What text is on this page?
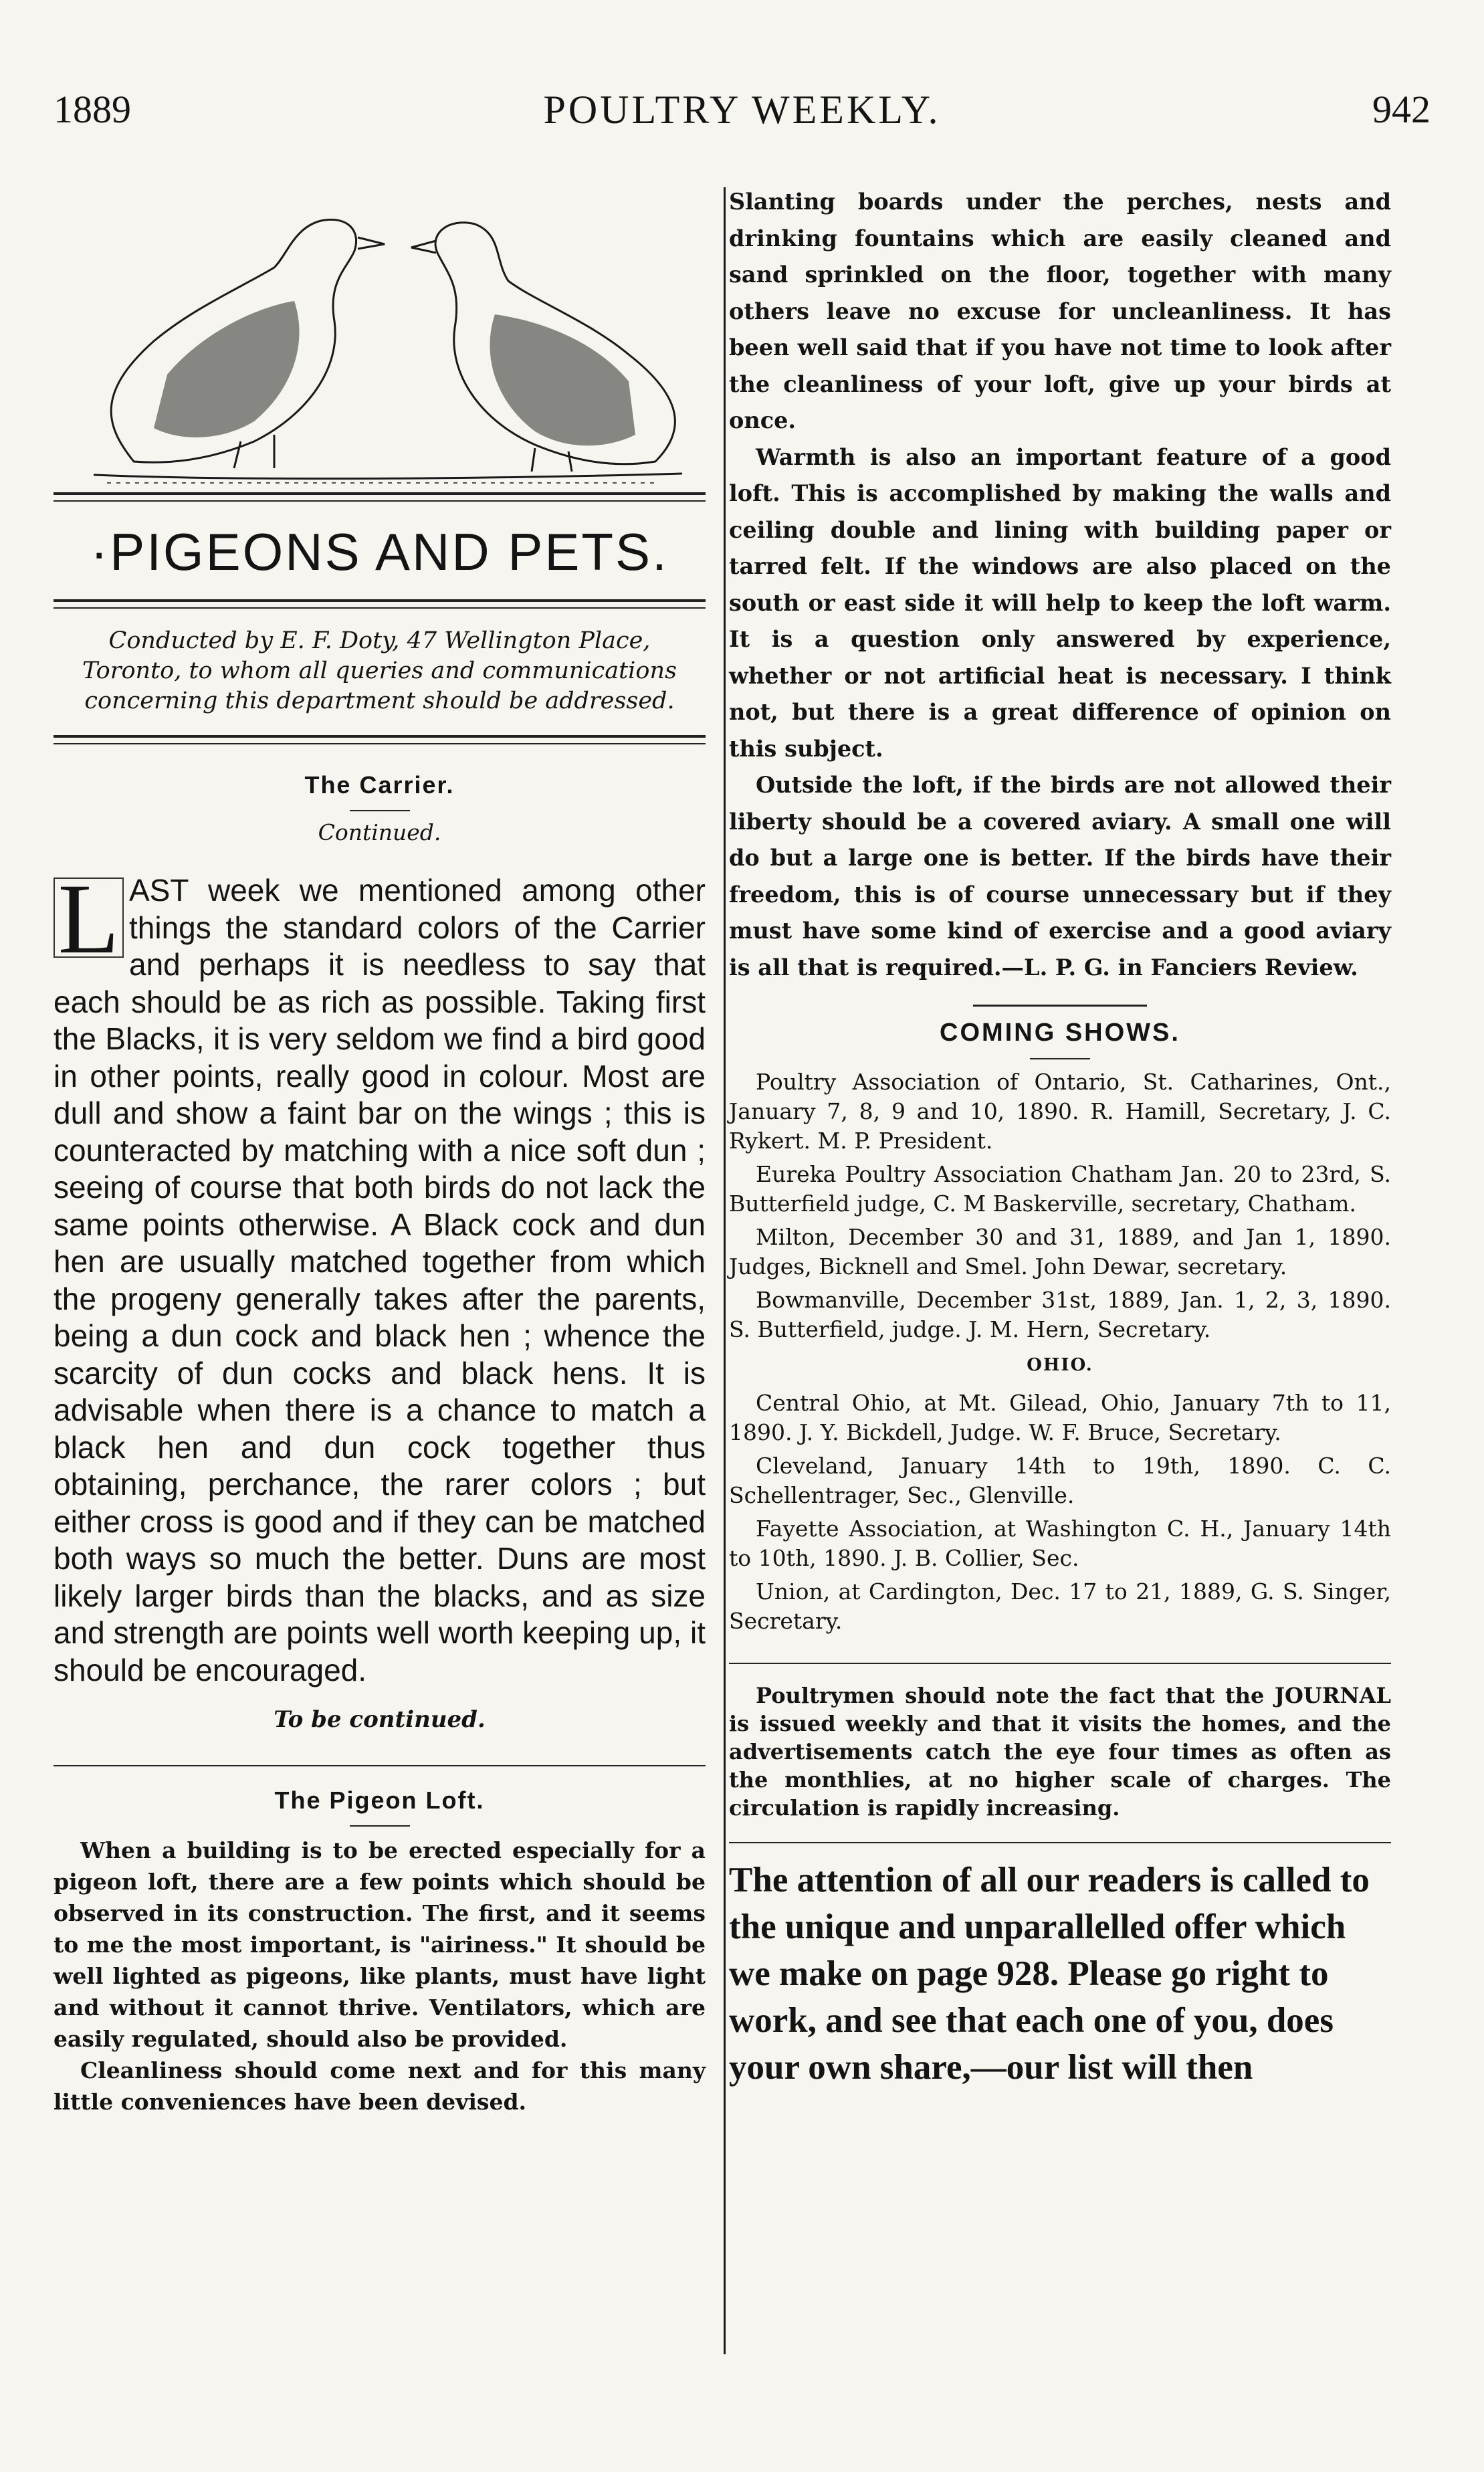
1889	POULTRY WEEKLY.	942
·PIGEONS AND PETS.
Conducted by E. F. Doty, 47 Wellington Place, Toronto, to whom all queries and communications concerning this department should be addressed.
The Carrier.
Continued.
L AST week we mentioned among other things the standard colors of the Carrier and perhaps it is needless to say that each should be as rich as possible. Taking first the Blacks, it is very seldom we find a bird good in other points, really good in colour. Most are dull and show a faint bar on the wings ; this is counteracted by matching with a nice soft dun ; seeing of course that both birds do not lack the same points otherwise. A Black cock and dun hen are usually matched together from which the progeny generally takes after the parents, being a dun cock and black hen ; whence the scarcity of dun cocks and black hens. It is advisable when there is a chance to match a black hen and dun cock together thus obtaining, perchance, the rarer colors ; but either cross is good and if they can be matched both ways so much the better. Duns are most likely larger birds than the blacks, and as size and strength are points well worth keeping up, it should be encouraged.
To be continued.
The Pigeon Loft.

When a building is to be erected especially for a pigeon loft, there are a few points which should be observed in its construction. The first, and it seems to me the most important, is "airiness." It should be well lighted as pigeons, like plants, must have light and without it cannot thrive. Ventilators, which are easily regulated, should also be provided.

Cleanliness should come next and for this many little conveniences have been devised.

Slanting boards under the perches, nests and drinking fountains which are easily cleaned and sand sprinkled on the floor, together with many others leave no excuse for uncleanliness. It has been well said that if you have not time to look after the cleanliness of your loft, give up your birds at once.

Warmth is also an important feature of a good loft. This is accomplished by making the walls and ceiling double and lining with building paper or tarred felt. If the windows are also placed on the south or east side it will help to keep the loft warm. It is a question only answered by experience, whether or not artificial heat is necessary. I think not, but there is a great difference of opinion on this subject.

Outside the loft, if the birds are not allowed their liberty should be a covered aviary. A small one will do but a large one is better. If the birds have their freedom, this is of course unnecessary but if they must have some kind of exercise and a good aviary is all that is required.—L. P. G. in Fanciers Review.

COMING SHOWS.

Poultry Association of Ontario, St. Catharines, Ont., January 7, 8, 9 and 10, 1890. R. Hamill, Secretary, J. C. Rykert. M. P. President.

Eureka Poultry Association Chatham Jan. 20 to 23rd, S. Butterfield judge, C. M Baskerville, secretary, Chatham.

Milton, December 30 and 31, 1889, and Jan 1, 1890. Judges, Bicknell and Smel. John Dewar, secretary.

Bowmanville, December 31st, 1889, Jan. 1, 2, 3, 1890. S. Butterfield, judge. J. M. Hern, Secretary.

OHIO.

Central Ohio, at Mt. Gilead, Ohio, January 7th to 11, 1890. J. Y. Bickdell, Judge. W. F. Bruce, Secretary.

Cleveland, January 14th to 19th, 1890. C. C. Schellentrager, Sec., Glenville.

Fayette Association, at Washington C. H., January 14th to 10th, 1890. J. B. Collier, Sec.

Union, at Cardington, Dec. 17 to 21, 1889, G. S. Singer, Secretary.

Poultrymen should note the fact that the JOURNAL is issued weekly and that it visits the homes, and the advertisements catch the eye four times as often as the monthlies, at no higher scale of charges. The circulation is rapidly increasing.

The attention of all our readers is called to the unique and unparallelled offer which we make on page 928. Please go right to work, and see that each one of you, does your own share,—our list will then
